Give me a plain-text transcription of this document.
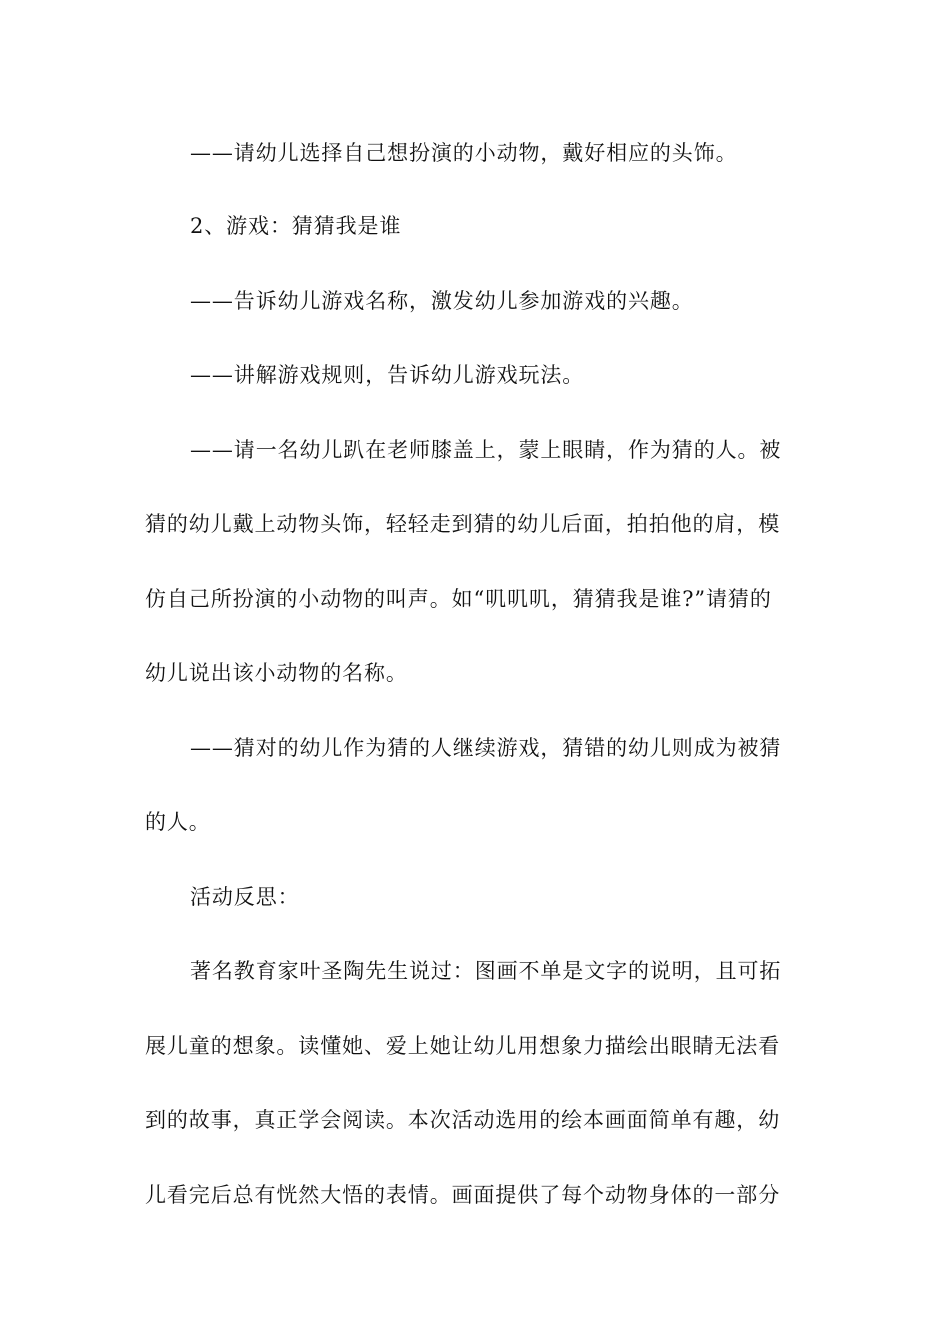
——请幼儿选择自己想扮演的小动物，戴好相应的头饰。
2、游戏：猜猜我是谁
——告诉幼儿游戏名称，激发幼儿参加游戏的兴趣。
——讲解游戏规则，告诉幼儿游戏玩法。
——请一名幼儿趴在老师膝盖上，蒙上眼睛，作为猜的人。被
猜的幼儿戴上动物头饰，轻轻走到猜的幼儿后面，拍拍他的肩，模
仿自己所扮演的小动物的叫声。如“叽叽叽，猜猜我是谁?”请猜的
幼儿说出该小动物的名称。
——猜对的幼儿作为猜的人继续游戏，猜错的幼儿则成为被猜
的人。
活动反思：
著名教育家叶圣陶先生说过：图画不单是文字的说明，且可拓
展儿童的想象。读懂她、爱上她让幼儿用想象力描绘出眼睛无法看
到的故事，真正学会阅读。本次活动选用的绘本画面简单有趣，幼
儿看完后总有恍然大悟的表情。画面提供了每个动物身体的一部分
